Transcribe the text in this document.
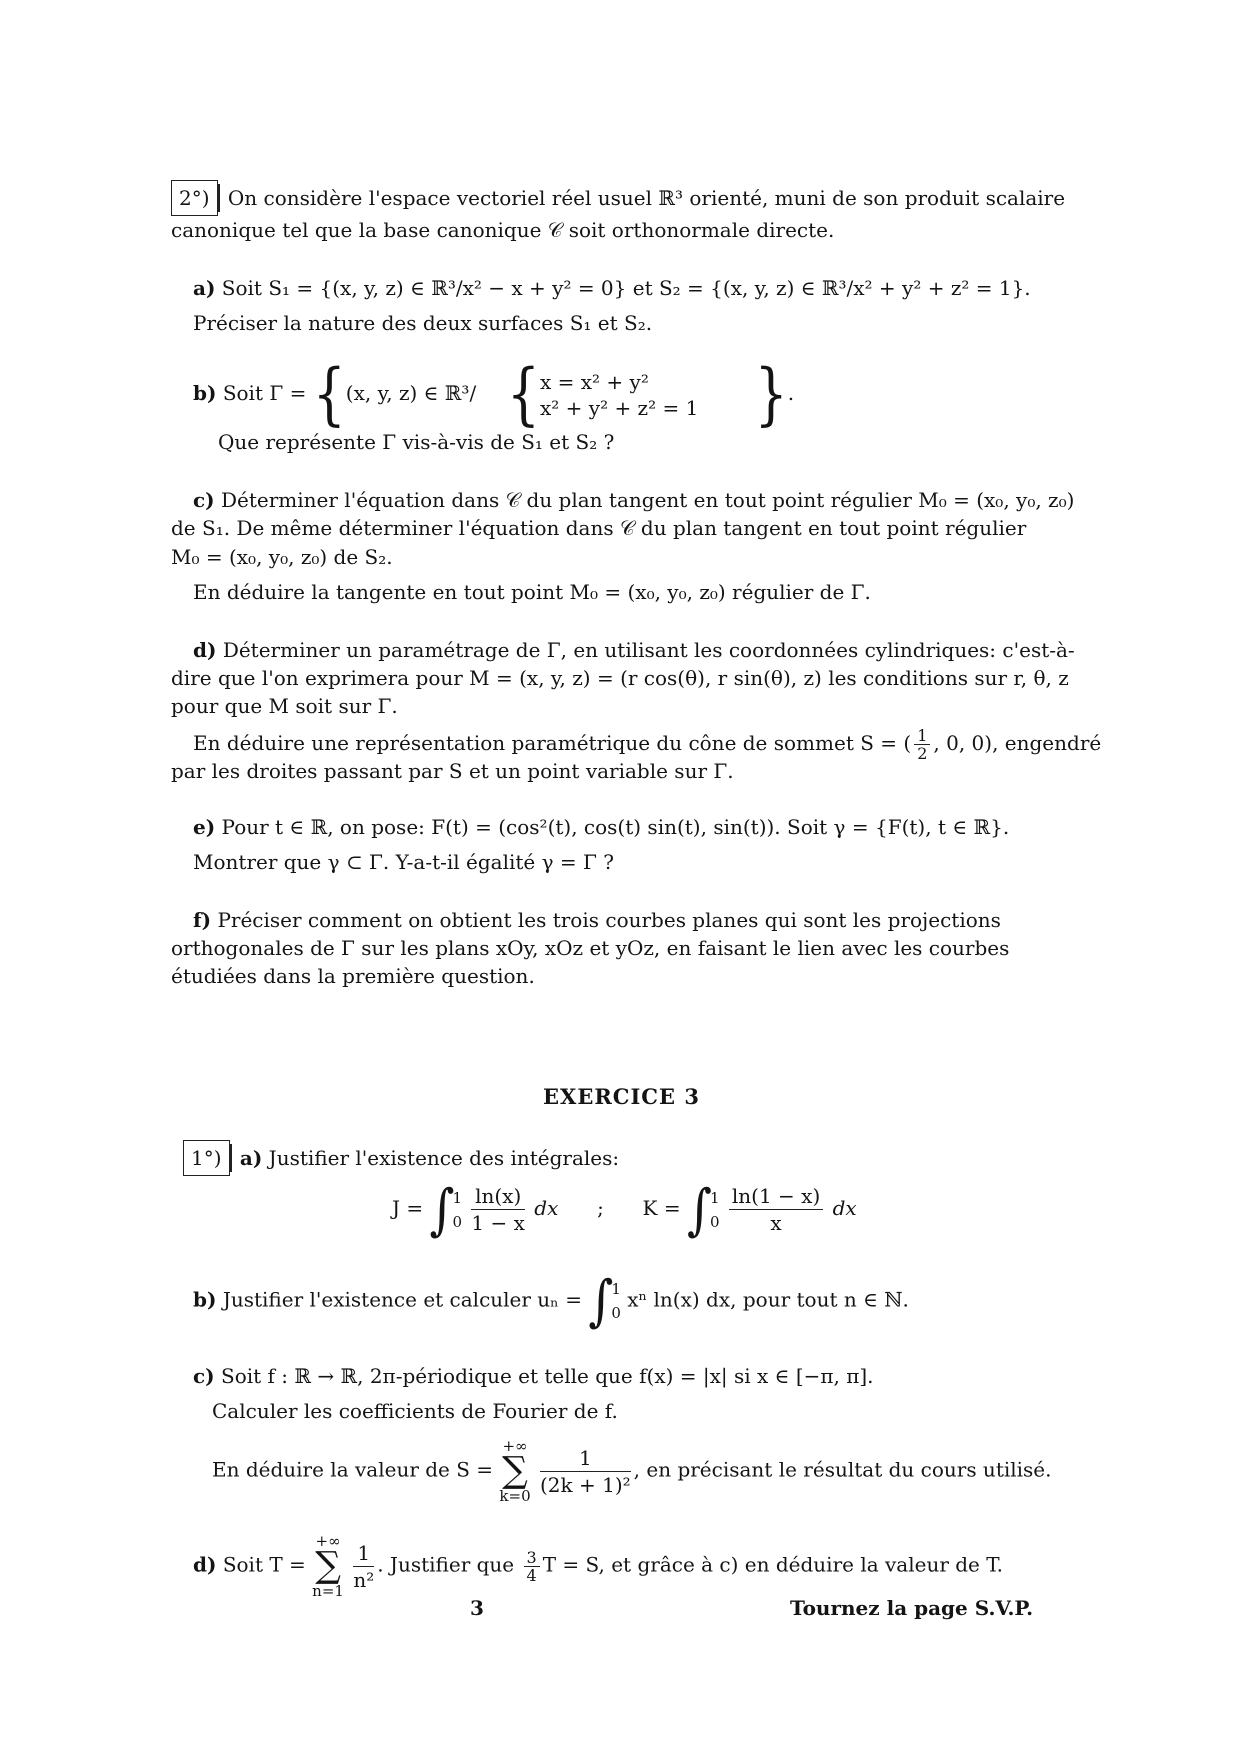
2°) On considère l'espace vectoriel réel usuel ℝ³ orienté, muni de son produit scalaire
canonique tel que la base canonique 𝒞 soit orthonormale directe.
a) Soit S₁ = {(x, y, z) ∈ ℝ³/x² − x + y² = 0} et S₂ = {(x, y, z) ∈ ℝ³/x² + y² + z² = 1}.
Préciser la nature des deux surfaces S₁ et S₂.
b) Soit Γ = {(x, y, z) ∈ ℝ³/ { x = x² + y²
x² + y² + z² = 1 }.
Que représente Γ vis-à-vis de S₁ et S₂ ?
c) Déterminer l'équation dans 𝒞 du plan tangent en tout point régulier M₀ = (x₀, y₀, z₀)
de S₁. De même déterminer l'équation dans 𝒞 du plan tangent en tout point régulier
M₀ = (x₀, y₀, z₀) de S₂.
En déduire la tangente en tout point M₀ = (x₀, y₀, z₀) régulier de Γ.
d) Déterminer un paramétrage de Γ, en utilisant les coordonnées cylindriques: c'est-à-
dire que l'on exprimera pour M = (x, y, z) = (r cos(θ), r sin(θ), z) les conditions sur r, θ, z
pour que M soit sur Γ.
En déduire une représentation paramétrique du cône de sommet S = ( $\frac{1}{2}$ , 0, 0), engendré
par les droites passant par S et un point variable sur Γ.
e) Pour t ∈ ℝ, on pose: F(t) = (cos²(t), cos(t) sin(t), sin(t)). Soit γ = {F(t), t ∈ ℝ}.
Montrer que γ ⊂ Γ. Y-a-t-il égalité γ = Γ ?
f) Préciser comment on obtient les trois courbes planes qui sont les projections
orthogonales de Γ sur les plans xOy, xOz et yOz, en faisant le lien avec les courbes
étudiées dans la première question.
EXERCICE 3
1°) a) Justifier l'existence des intégrales:
J = ∫
1
0
$\frac{\ln(x)}{1 - x}$ dx ; K = ∫
1
0
$\frac{\ln(1 - x)}{x}$ dx
b) Justifier l'existence et calculer uₙ = ∫
1
0
xⁿ ln(x) dx, pour tout n ∈ ℕ.
c) Soit f : ℝ → ℝ, 2π-périodique et telle que f(x) = |x| si x ∈ [−π, π].
Calculer les coefficients de Fourier de f.
En déduire la valeur de S =
+∞
∑
k=0
$\frac{1}{\text{(2k + 1)²}}$ , en précisant le résultat du cours utilisé.
d) Soit T =
+∞
∑
n=1
$\frac{1}{\text{n²}}$ . Justifier que $\frac{3}{4}$ T = S, et grâce à c) en déduire la valeur de T.
3	Tournez la page S.V.P.
